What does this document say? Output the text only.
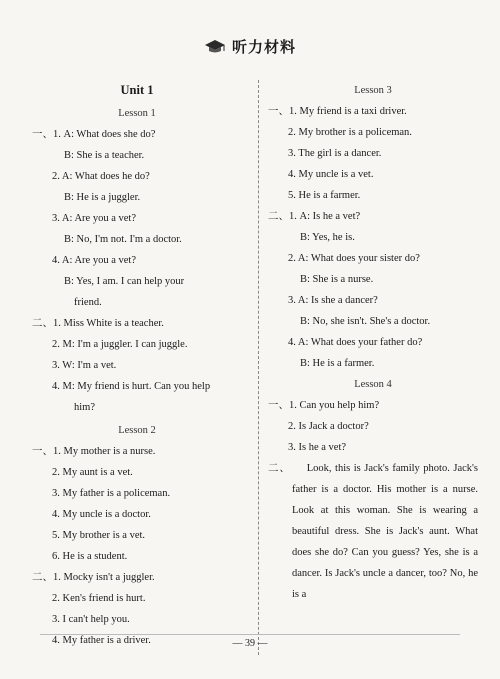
听力材料
Unit 1
Lesson 1
一、1. A: What does she do?
B: She is a teacher.
2. A: What does he do?
B: He is a juggler.
3. A: Are you a vet?
B: No, I'm not. I'm a doctor.
4. A: Are you a vet?
B: Yes, I am. I can help your
friend.
二、1. Miss White is a teacher.
2. M: I'm a juggler. I can juggle.
3. W: I'm a vet.
4. M: My friend is hurt. Can you help
him?
Lesson 2
一、1. My mother is a nurse.
2. My aunt is a vet.
3. My father is a policeman.
4. My uncle is a doctor.
5. My brother is a vet.
6. He is a student.
二、1. Mocky isn't a juggler.
2. Ken's friend is hurt.
3. I can't help you.
4. My father is a driver.
Lesson 3
一、1. My friend is a taxi driver.
2. My brother is a policeman.
3. The girl is a dancer.
4. My uncle is a vet.
5. He is a farmer.
二、1. A: Is he a vet?
B: Yes, he is.
2. A: What does your sister do?
B: She is a nurse.
3. A: Is she a dancer?
B: No, she isn't. She's a doctor.
4. A: What does your father do?
B: He is a farmer.
Lesson 4
一、1. Can you help him?
2. Is Jack a doctor?
3. Is he a vet?
二、 Look, this is Jack's family photo. Jack's father is a doctor. His mother is a nurse. Look at this woman. She is wearing a beautiful dress. She is Jack's aunt. What does she do? Can you guess? Yes, she is a dancer. Is Jack's uncle a dancer, too? No, he is a
— 39 —
